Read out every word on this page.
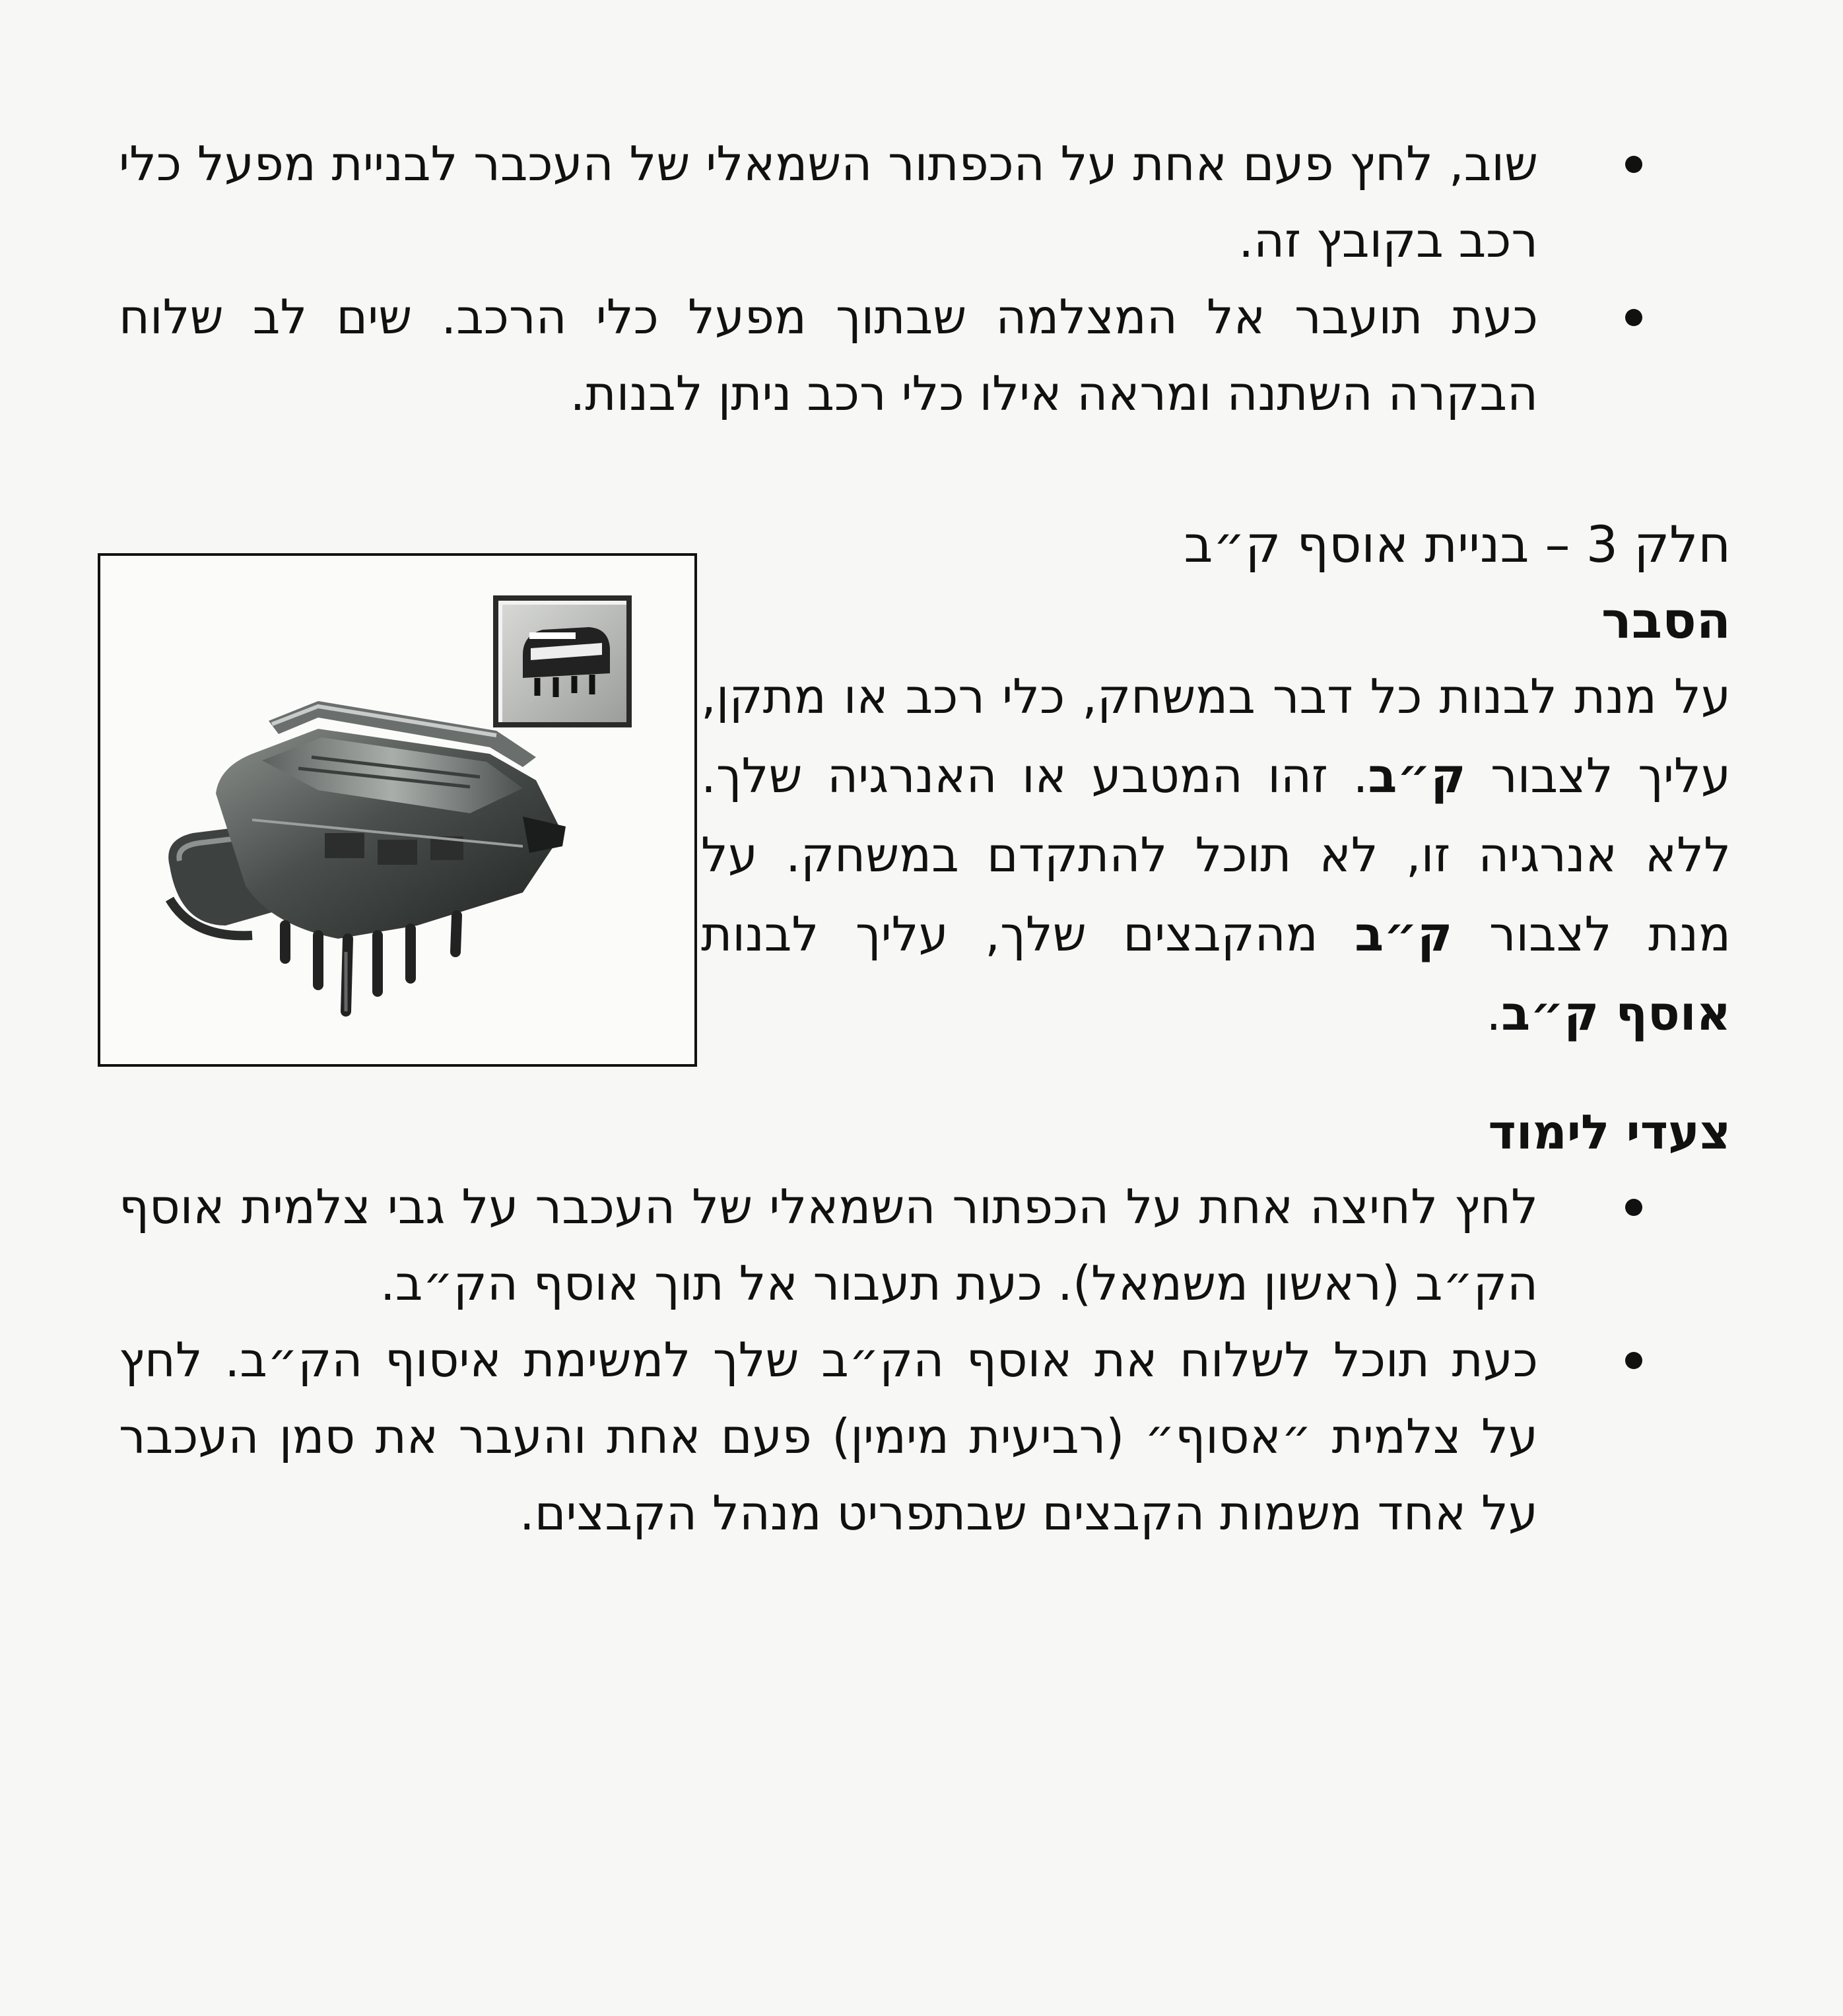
שוב, לחץ פעם אחת על הכפתור השמאלי של העכבר לבניית מפעל כלי רכב בקובץ זה.
כעת תועבר אל המצלמה שבתוך מפעל כלי הרכב. שים לב שלוח הבקרה השתנה ומראה אילו כלי רכב ניתן לבנות.
חלק 3 – בניית אוסף ק״ב
הסבר
על מנת לבנות כל דבר במשחק, כלי רכב או מתקן, עליך לצבור ק״ב. זהו המטבע או האנרגיה שלך. ללא אנרגיה זו, לא תוכל להתקדם במשחק. על מנת לצבור ק״ב מהקבצים שלך, עליך לבנות אוסף ק״ב.
צעדי לימוד
לחץ לחיצה אחת על הכפתור השמאלי של העכבר על גבי צלמית אוסף הק״ב (ראשון משמאל). כעת תעבור אל תוך אוסף הק״ב.
כעת תוכל לשלוח את אוסף הק״ב שלך למשימת איסוף הק״ב. לחץ על צלמית ״אסוף״ (רביעית מימין) פעם אחת והעבר את סמן העכבר על אחד משמות הקבצים שבתפריט מנהל הקבצים.
